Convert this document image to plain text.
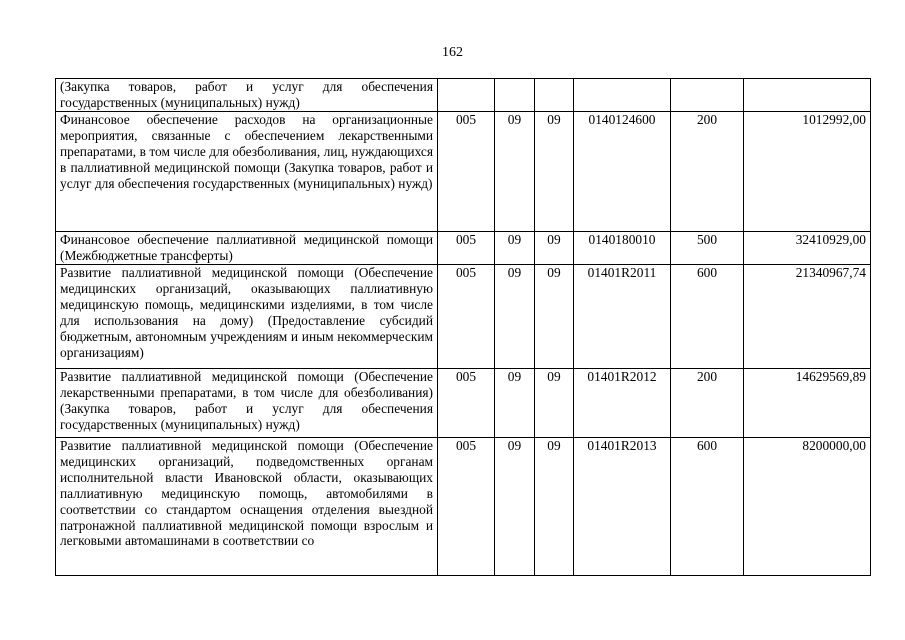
162
(Закупка товаров, работ и услуг для обеспечения государственных (муниципальных) нужд)						
Финансовое обеспечение расходов на организационные мероприятия, связанные с обеспечением лекарственными препаратами, в том числе для обезболивания, лиц, нуждающихся в паллиативной медицинской помощи (Закупка товаров, работ и услуг для обеспечения государственных (муниципальных) нужд)	005	09	09	0140124600	200	1012992,00
Финансовое обеспечение паллиативной медицинской помощи (Межбюджетные трансферты)	005	09	09	0140180010	500	32410929,00
Развитие паллиативной медицинской помощи (Обеспечение медицинских организаций, оказывающих паллиативную медицинскую помощь, медицинскими изделиями, в том числе для использования на дому) (Предоставление субсидий бюджетным, автономным учреждениям и иным некоммерческим организациям)	005	09	09	01401R2011	600	21340967,74
Развитие паллиативной медицинской помощи (Обеспечение лекарственными препаратами, в том числе для обезболивания) (Закупка товаров, работ и услуг для обеспечения государственных (муниципальных) нужд)	005	09	09	01401R2012	200	14629569,89
Развитие паллиативной медицинской помощи (Обеспечение медицинских организаций, подведомственных органам исполнительной власти Ивановской области, оказывающих паллиативную медицинскую помощь, автомобилями в соответствии со стандартом оснащения отделения выездной патронажной паллиативной медицинской помощи взрослым и легковыми автомашинами в соответствии со	005	09	09	01401R2013	600	8200000,00
